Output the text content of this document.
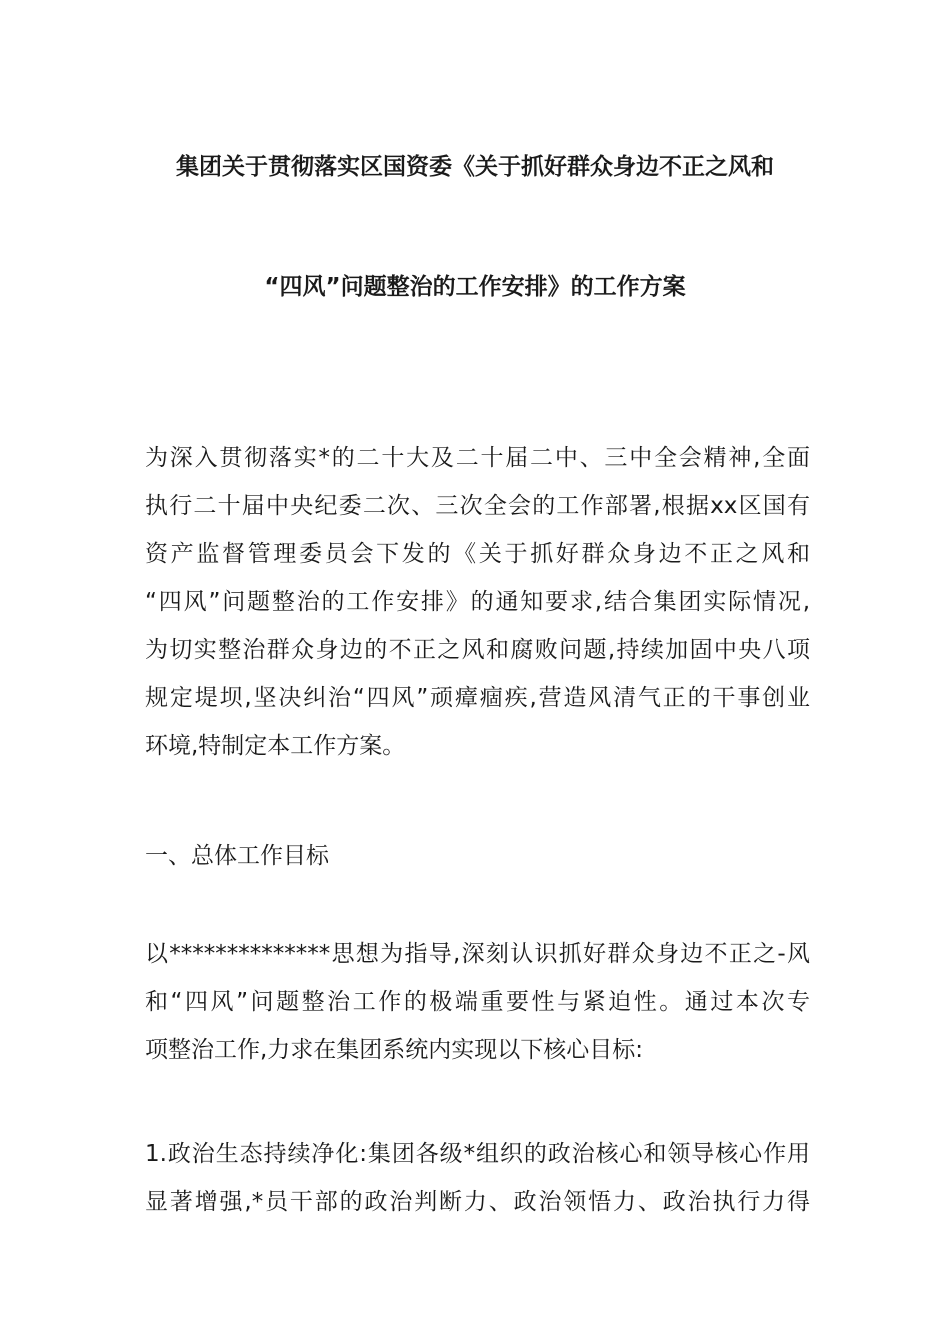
集团关于贯彻落实区国资委《关于抓好群众身边不正之风和
“四风”问题整治的工作安排》的工作方案
为深入贯彻落实*的二十大及二十届二中、三中全会精神,全面
执行二十届中央纪委二次、三次全会的工作部署,根据xx区国有
资产监督管理委员会下发的《关于抓好群众身边不正之风和
“四风”问题整治的工作安排》的通知要求,结合集团实际情况,
为切实整治群众身边的不正之风和腐败问题,持续加固中央八项
规定堤坝,坚决纠治“四风”顽瘴痼疾,营造风清气正的干事创业
环境,特制定本工作方案。
一、总体工作目标
以**************思想为指导,深刻认识抓好群众身边不正之-风
和“四风”问题整治工作的极端重要性与紧迫性。通过本次专
项整治工作,力求在集团系统内实现以下核心目标:
1.政治生态持续净化:集团各级*组织的政治核心和领导核心作用
显著增强,*员干部的政治判断力、政治领悟力、政治执行力得
